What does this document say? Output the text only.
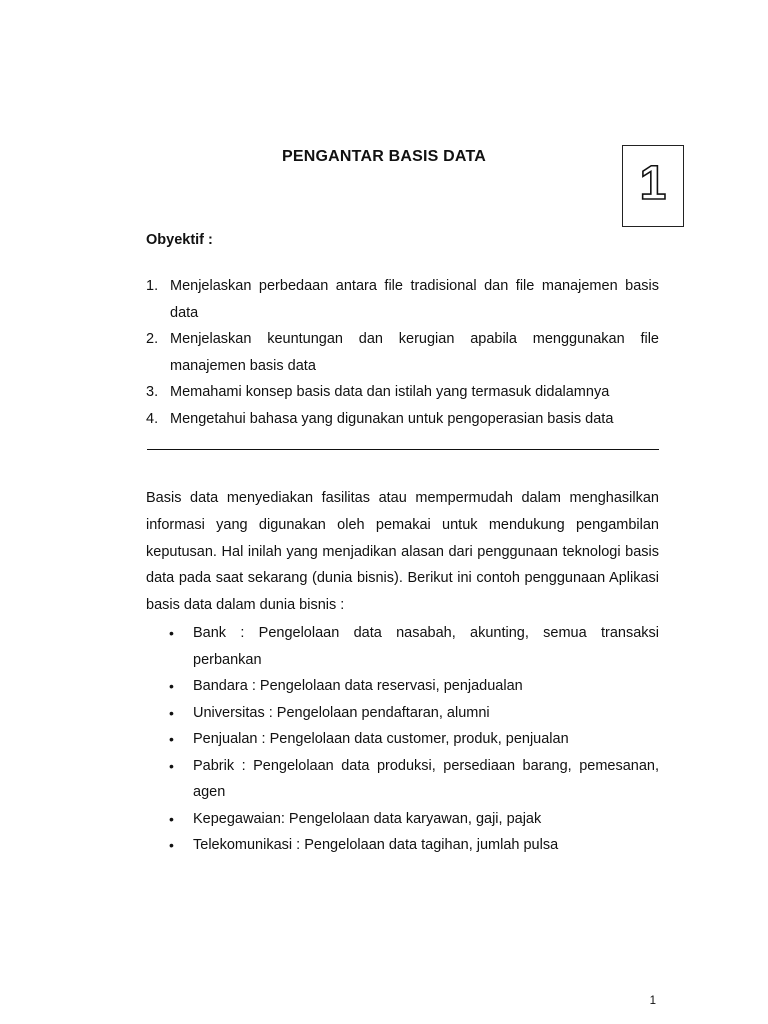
PENGANTAR BASIS DATA
1
Obyektif :
1. Menjelaskan perbedaan antara file tradisional dan file manajemen basis data
2. Menjelaskan keuntungan dan kerugian apabila menggunakan file manajemen basis data
3. Memahami konsep basis data dan istilah yang termasuk didalamnya
4. Mengetahui bahasa yang digunakan untuk pengoperasian basis data

Basis data menyediakan fasilitas atau mempermudah dalam menghasilkan informasi yang digunakan oleh pemakai untuk mendukung pengambilan keputusan. Hal inilah yang menjadikan alasan dari penggunaan teknologi basis data pada saat sekarang (dunia bisnis). Berikut ini contoh penggunaan Aplikasi basis data dalam dunia bisnis :

• Bank : Pengelolaan data nasabah, akunting, semua transaksi perbankan
• Bandara : Pengelolaan data reservasi, penjadualan
• Universitas : Pengelolaan pendaftaran, alumni
• Penjualan : Pengelolaan data customer, produk, penjualan
• Pabrik : Pengelolaan data produksi, persediaan barang, pemesanan, agen
• Kepegawaian: Pengelolaan data karyawan, gaji, pajak
• Telekomunikasi : Pengelolaan data tagihan, jumlah pulsa
1
